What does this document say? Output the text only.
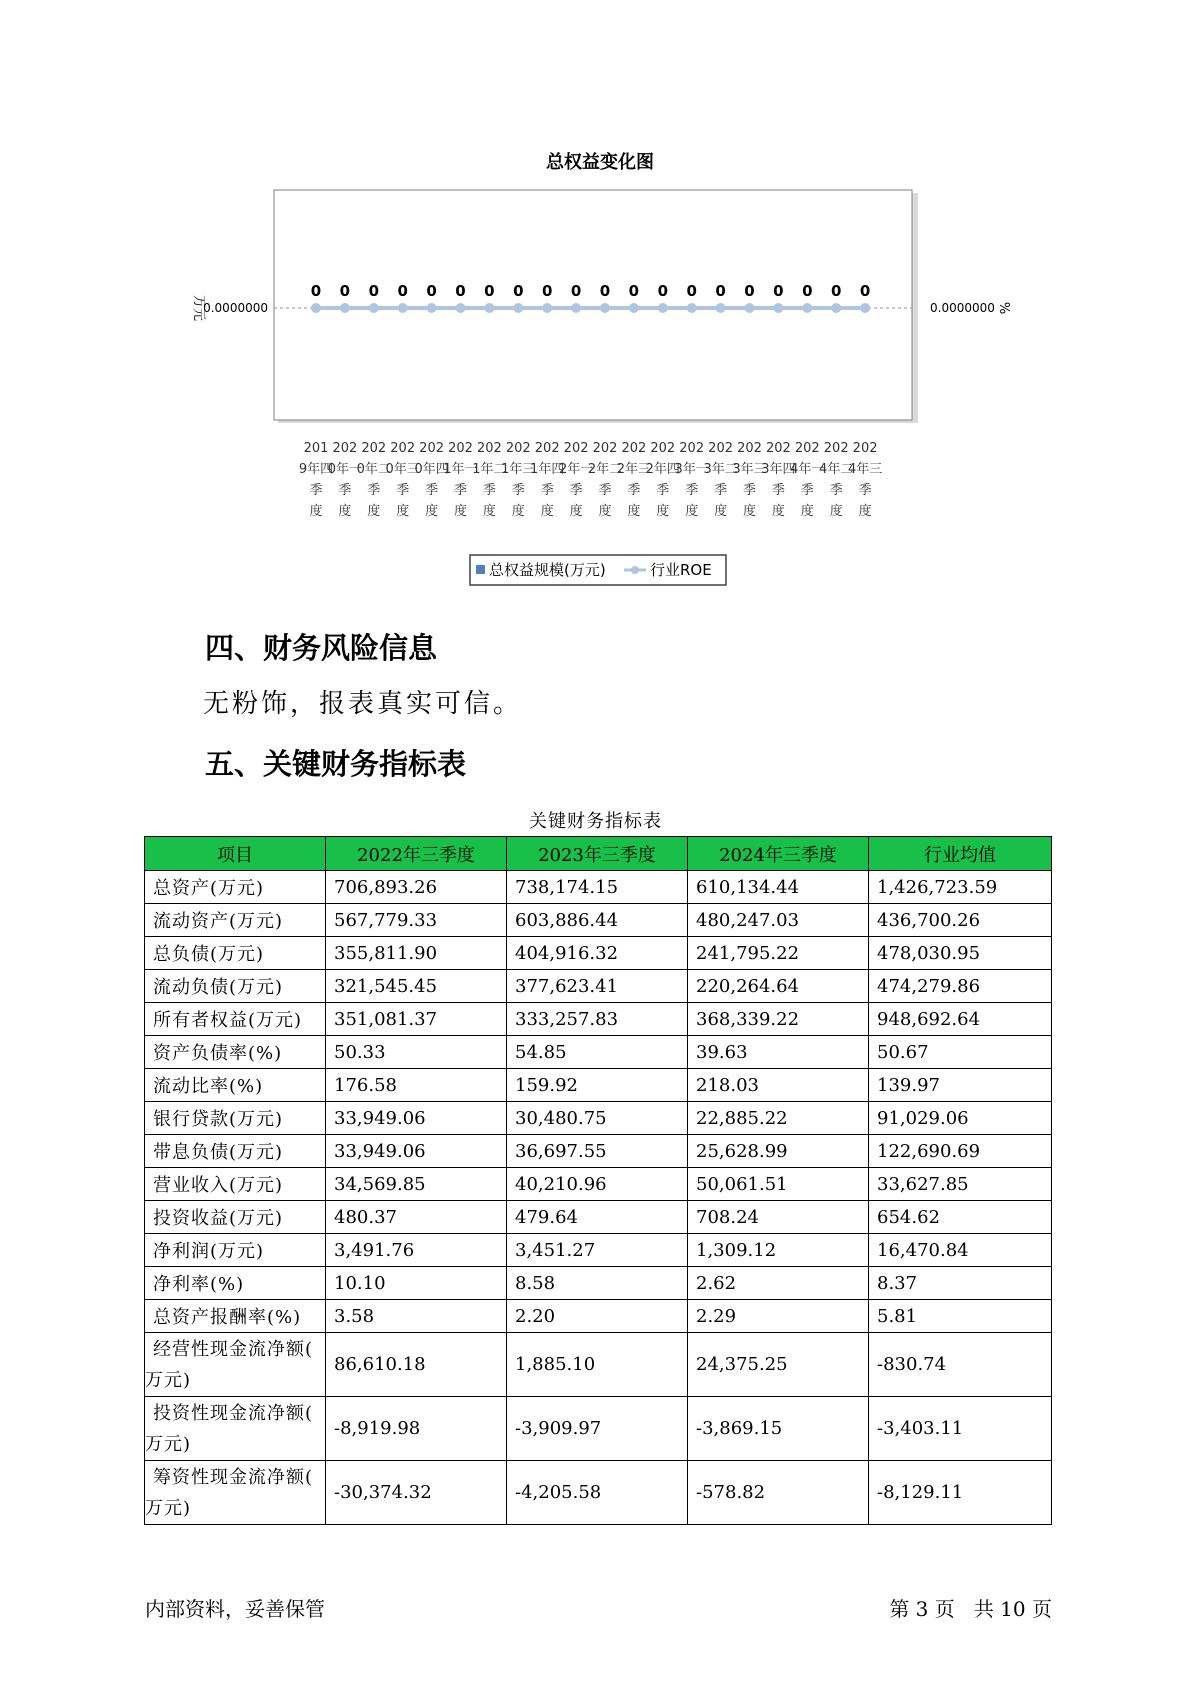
总权益变化图
万元
0.0000000	0.0000000 %
0 0 0 0 0 0 0 0 0 0 0 0 0 0 0 0 0 0 0 0
201 9年四季度
202 0年一季度
202 0年二季度
202 0年三季度
202 0年四季度
202 1年一季度
202 1年二季度
202 1年三季度
202 1年四季度
202 2年一季度
202 2年二季度
202 2年三季度
202 2年四季度
202 3年一季度
202 3年二季度
202 3年三季度
202 3年四季度
202 4年一季度
202 4年二季度
202 4年三季度
总权益规模(万元)	行业ROE
四、财务风险信息
无粉饰，报表真实可信。
五、关键财务指标表
关键财务指标表
项目	2022年三季度	2023年三季度	2024年三季度	行业均值
总资产(万元)	706,893.26	738,174.15	610,134.44	1,426,723.59
流动资产(万元)	567,779.33	603,886.44	480,247.03	436,700.26
总负债(万元)	355,811.90	404,916.32	241,795.22	478,030.95
流动负债(万元)	321,545.45	377,623.41	220,264.64	474,279.86
所有者权益(万元)	351,081.37	333,257.83	368,339.22	948,692.64
资产负债率(%)	50.33	54.85	39.63	50.67
流动比率(%)	176.58	159.92	218.03	139.97
银行贷款(万元)	33,949.06	30,480.75	22,885.22	91,029.06
带息负债(万元)	33,949.06	36,697.55	25,628.99	122,690.69
营业收入(万元)	34,569.85	40,210.96	50,061.51	33,627.85
投资收益(万元)	480.37	479.64	708.24	654.62
净利润(万元)	3,491.76	3,451.27	1,309.12	16,470.84
净利率(%)	10.10	8.58	2.62	8.37
总资产报酬率(%)	3.58	2.20	2.29	5.81

经营性现金流净额(
万元)	86,610.18	1,885.10	24,375.25	-830.74

投资性现金流净额(
万元)	-8,919.98	-3,909.97	-3,869.15	-3,403.11

筹资性现金流净额(
万元)	-30,374.32	-4,205.58	-578.82	-8,129.11
内部资料，妥善保管	第 3 页   共 10 页
